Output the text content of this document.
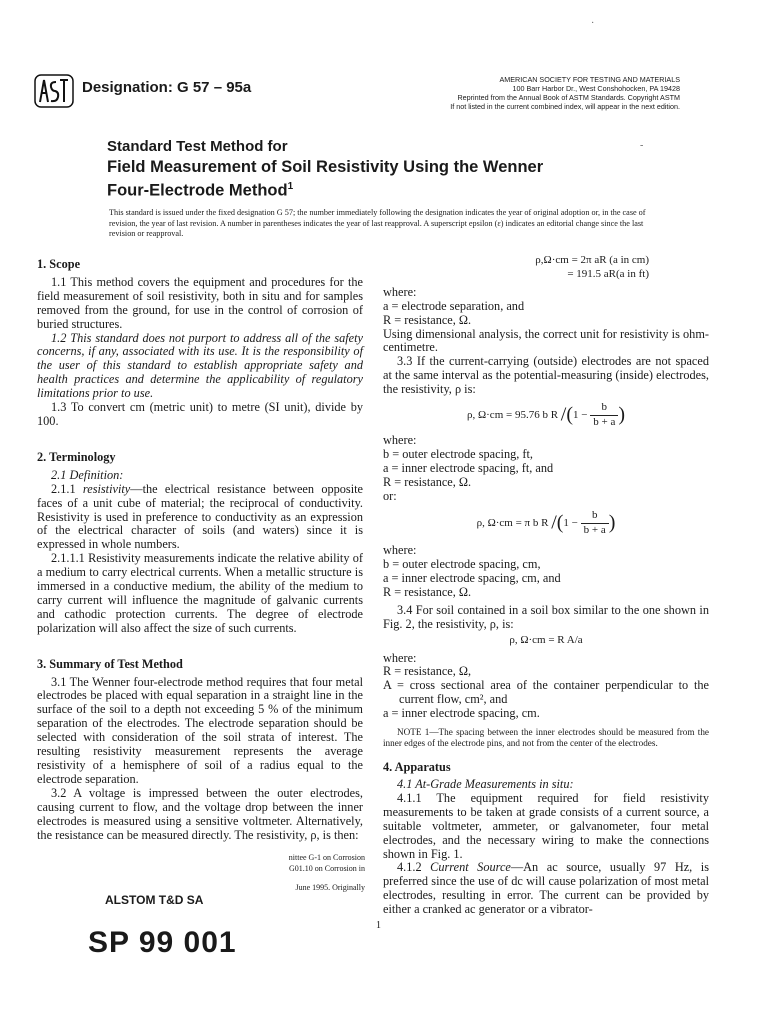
Designation: G 57 – 95a	AMERICAN SOCIETY FOR TESTING AND MATERIALS
100 Barr Harbor Dr., West Conshohocken, PA 19428
Reprinted from the Annual Book of ASTM Standards. Copyright ASTM
If not listed in the current combined index, will appear in the next edition.
·
-
Standard Test Method for
Field Measurement of Soil Resistivity Using the Wenner
Four-Electrode Method$^1$
This standard is issued under the fixed designation G 57; the number immediately following the designation indicates the year of original adoption or, in the case of revision, the year of last revision. A number in parentheses indicates the year of last reapproval. A superscript epsilon (ε) indicates an editorial change since the last revision or reapproval.

1. Scope

1.1 This method covers the equipment and procedures for the field measurement of soil resistivity, both in situ and for samples removed from the ground, for use in the control of corrosion of buried structures.

1.2 This standard does not purport to address all of the safety concerns, if any, associated with its use. It is the responsibility of the user of this standard to establish appropriate safety and health practices and determine the applicability of regulatory limitations prior to use.

1.3 To convert cm (metric unit) to metre (SI unit), divide by 100.

2. Terminology

2.1 Definition:

2.1.1 resistivity—the electrical resistance between opposite faces of a unit cube of material; the reciprocal of conductivity. Resistivity is used in preference to conductivity as an expression of the electrical character of soils (and waters) since it is expressed in whole numbers.

2.1.1.1 Resistivity measurements indicate the relative ability of a medium to carry electrical currents. When a metallic structure is immersed in a conductive medium, the ability of the medium to carry current will influence the magnitude of galvanic currents and cathodic protection currents. The degree of electrode polarization will also affect the size of such currents.

3. Summary of Test Method

3.1 The Wenner four-electrode method requires that four metal electrodes be placed with equal separation in a straight line in the surface of the soil to a depth not exceeding 5 % of the minimum separation of the electrodes. The electrode separation should be selected with consideration of the soil strata of interest. The resulting resistivity measurement represents the average resistivity of a hemisphere of soil of a radius equal to the electrode separation.

3.2 A voltage is impressed between the outer electrodes, causing current to flow, and the voltage drop between the inner electrodes is measured using a sensitive voltmeter. Alternatively, the resistance can be measured directly. The resistivity, ρ, is then:

ρ,Ω·cm = 2π aR (a in cm)
= 191.5 aR(a in ft)

where:

a = electrode separation, and

R = resistance, Ω.

Using dimensional analysis, the correct unit for resistivity is ohm-centimetre.

3.3 If the current-carrying (outside) electrodes are not spaced at the same interval as the potential-measuring (inside) electrodes, the resistivity, ρ is:

ρ, Ω·cm = 95.76 b R $/(1 - \frac{b}{b + a}$ )

where:

b = outer electrode spacing, ft,

a = inner electrode spacing, ft, and

R = resistance, Ω.

or:

ρ, Ω·cm = π b R $/(1 - \frac{b}{b + a}$ )

where:

b = outer electrode spacing, cm,

a = inner electrode spacing, cm, and

R = resistance, Ω.

3.4 For soil contained in a soil box similar to the one shown in Fig. 2, the resistivity, ρ, is:

ρ, Ω·cm = R A/a

where:

R = resistance, Ω,

A = cross sectional area of the container perpendicular to the current flow, cm², and

a = inner electrode spacing, cm.

NOTE 1—The spacing between the inner electrodes should be measured from the inner edges of the electrode pins, and not from the center of the electrodes.

4. Apparatus

4.1 At-Grade Measurements in situ:

4.1.1 The equipment required for field resistivity measurements to be taken at grade consists of a current source, a suitable voltmeter, ammeter, or galvanometer, four metal electrodes, and the necessary wiring to make the connections shown in Fig. 1.

4.1.2 Current Source—An ac source, usually 97 Hz, is preferred since the use of dc will cause polarization of most metal electrodes, resulting in error. The current can be provided by either a cranked ac generator or a vibrator-

nittee G-1 on Corrosion
G01.10 on Corrosion in
June 1995. Originally
ALSTOM T&D SA
SP 99 001
1
